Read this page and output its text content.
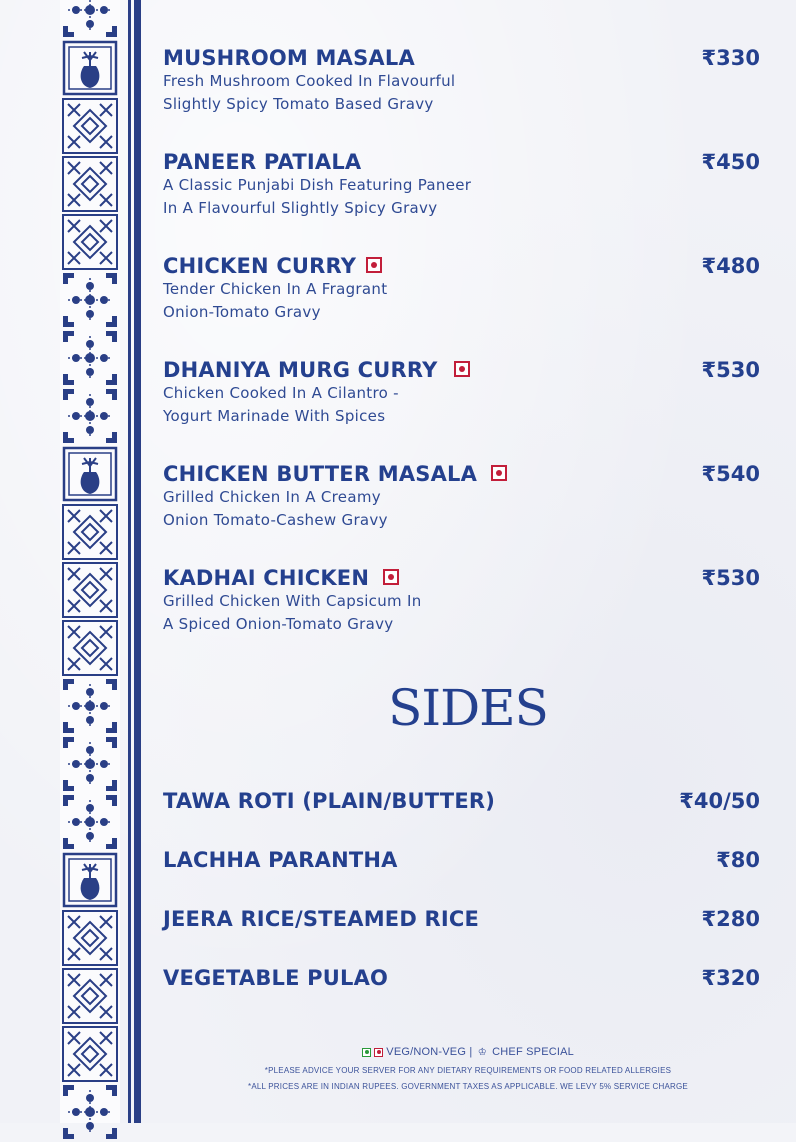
MUSHROOM MASALA	₹330
Fresh Mushroom Cooked In Flavourful
Slightly Spicy Tomato Based Gravy
PANEER PATIALA	₹450
A Classic Punjabi Dish Featuring Paneer
In A Flavourful Slightly Spicy Gravy
CHICKEN CURRY	₹480
Tender Chicken In A Fragrant
Onion-Tomato Gravy
DHANIYA MURG CURRY	₹530
Chicken Cooked In A Cilantro -
Yogurt Marinade With Spices
CHICKEN BUTTER MASALA	₹540
Grilled Chicken In A Creamy
Onion Tomato-Cashew Gravy
KADHAI CHICKEN	₹530
Grilled Chicken With Capsicum In
A Spiced Onion-Tomato Gravy
SIDES
TAWA ROTI (PLAIN/BUTTER)	₹40/50
LACHHA PARANTHA	₹80
JEERA RICE/STEAMED RICE	₹280
VEGETABLE PULAO	₹320
VEG/NON-VEG | ♔ CHEF SPECIAL
*PLEASE ADVICE YOUR SERVER FOR ANY DIETARY REQUIREMENTS OR FOOD RELATED ALLERGIES
*ALL PRICES ARE IN INDIAN RUPEES. GOVERNMENT TAXES AS APPLICABLE. WE LEVY 5% SERVICE CHARGE
